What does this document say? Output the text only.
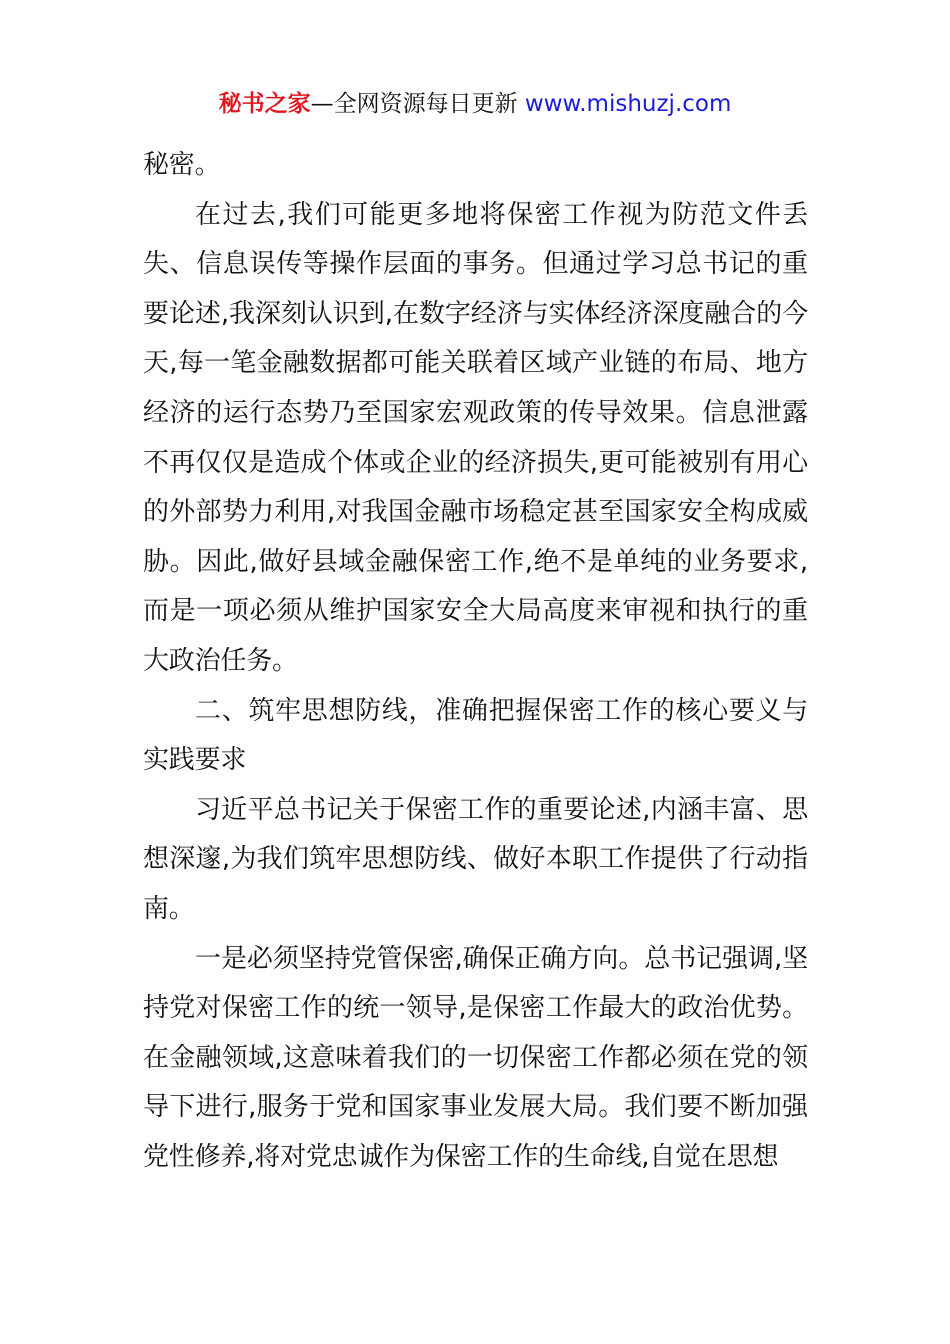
秘书之家—全网资源每日更新 www.mishuzj.com

秘密。

在过去,我们可能更多地将保密工作视为防范文件丢失、信息误传等操作层面的事务。但通过学习总书记的重要论述,我深刻认识到,在数字经济与实体经济深度融合的今天,每一笔金融数据都可能关联着区域产业链的布局、地方经济的运行态势乃至国家宏观政策的传导效果。信息泄露不再仅仅是造成个体或企业的经济损失,更可能被别有用心的外部势力利用,对我国金融市场稳定甚至国家安全构成威胁。因此,做好县域金融保密工作,绝不是单纯的业务要求,而是一项必须从维护国家安全大局高度来审视和执行的重大政治任务。

二、筑牢思想防线，准确把握保密工作的核心要义与实践要求

习近平总书记关于保密工作的重要论述,内涵丰富、思想深邃,为我们筑牢思想防线、做好本职工作提供了行动指南。

一是必须坚持党管保密,确保正确方向。总书记强调,坚持党对保密工作的统一领导,是保密工作最大的政治优势。在金融领域,这意味着我们的一切保密工作都必须在党的领导下进行,服务于党和国家事业发展大局。我们要不断加强党性修养,将对党忠诚作为保密工作的生命线,自觉在思想
